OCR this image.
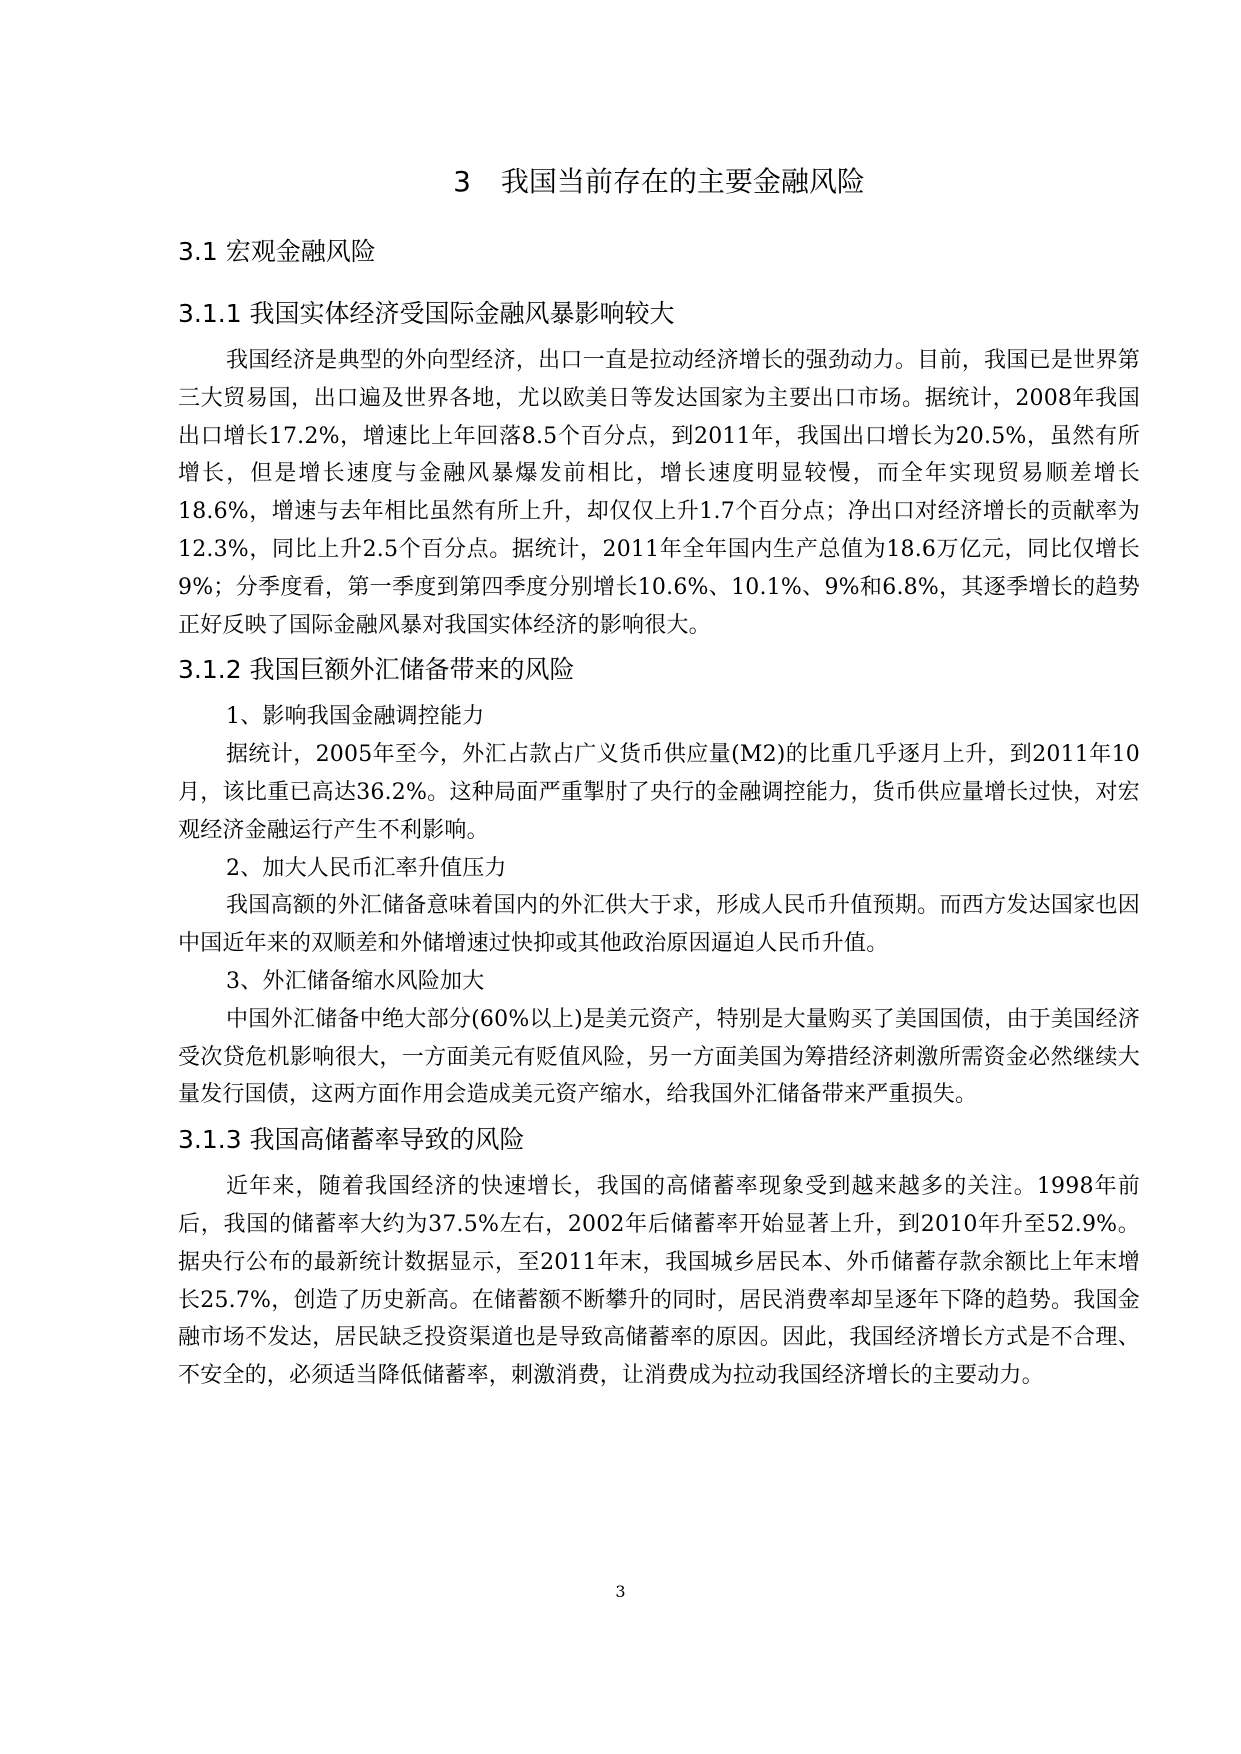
3 我国当前存在的主要金融风险
3.1 宏观金融风险
3.1.1 我国实体经济受国际金融风暴影响较大

我国经济是典型的外向型经济，出口一直是拉动经济增长的强劲动力。目前，我国已是世界第三大贸易国，出口遍及世界各地，尤以欧美日等发达国家为主要出口市场。据统计，2008年我国出口增长17.2%，增速比上年回落8.5个百分点，到2011年，我国出口增长为20.5%，虽然有所增长，但是增长速度与金融风暴爆发前相比，增长速度明显较慢，而全年实现贸易顺差增长18.6%，增速与去年相比虽然有所上升，却仅仅上升1.7个百分点；净出口对经济增长的贡献率为12.3%，同比上升2.5个百分点。据统计，2011年全年国内生产总值为18.6万亿元，同比仅增长9%；分季度看，第一季度到第四季度分别增长10.6%、10.1%、9%和6.8%，其逐季增长的趋势正好反映了国际金融风暴对我国实体经济的影响很大。

3.1.2 我国巨额外汇储备带来的风险

1、影响我国金融调控能力

据统计，2005年至今，外汇占款占广义货币供应量(M2)的比重几乎逐月上升，到2011年10月，该比重已高达36.2%。这种局面严重掣肘了央行的金融调控能力，货币供应量增长过快，对宏观经济金融运行产生不利影响。

2、加大人民币汇率升值压力

我国高额的外汇储备意味着国内的外汇供大于求，形成人民币升值预期。而西方发达国家也因中国近年来的双顺差和外储增速过快抑或其他政治原因逼迫人民币升值。

3、外汇储备缩水风险加大

中国外汇储备中绝大部分(60%以上)是美元资产，特别是大量购买了美国国债，由于美国经济受次贷危机影响很大，一方面美元有贬值风险，另一方面美国为筹措经济刺激所需资金必然继续大量发行国债，这两方面作用会造成美元资产缩水，给我国外汇储备带来严重损失。

3.1.3 我国高储蓄率导致的风险

近年来，随着我国经济的快速增长，我国的高储蓄率现象受到越来越多的关注。1998年前后，我国的储蓄率大约为37.5%左右，2002年后储蓄率开始显著上升，到2010年升至52.9%。据央行公布的最新统计数据显示，至2011年末，我国城乡居民本、外币储蓄存款余额比上年末增长25.7%，创造了历史新高。在储蓄额不断攀升的同时，居民消费率却呈逐年下降的趋势。我国金融市场不发达，居民缺乏投资渠道也是导致高储蓄率的原因。因此，我国经济增长方式是不合理、不安全的，必须适当降低储蓄率，刺激消费，让消费成为拉动我国经济增长的主要动力。

3
